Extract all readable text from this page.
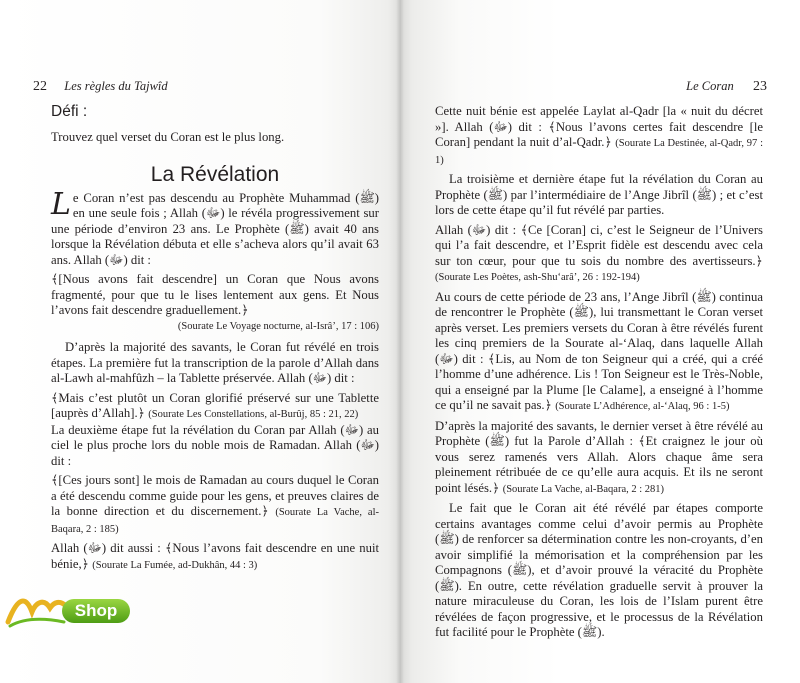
22 Les règles du Tajwîd
Défi :
Trouvez quel verset du Coran est le plus long.
La Révélation

Le Coran n’est pas descendu au Prophète Muhammad (ﷺ) en une seule fois ; Allah (ﷻ) le révéla progressivement sur une période d’environ 23 ans. Le Prophète (ﷺ) avait 40 ans lorsque la Révélation débuta et elle s’acheva alors qu’il avait 63 ans. Allah (ﷻ) dit :

﴾[Nous avons fait descendre] un Coran que Nous avons fragmenté, pour que tu le lises lentement aux gens. Et Nous l’avons fait descendre graduellement.﴿

(Sourate Le Voyage nocturne, al-Isrâ’, 17 : 106)

D’après la majorité des savants, le Coran fut révélé en trois étapes. La première fut la transcription de la parole d’Allah dans al-Lawh al-mahfûzh – la Tablette préservée. Allah (ﷻ) dit :

﴾Mais c’est plutôt un Coran glorifié préservé sur une Tablette [auprès d’Allah].﴿ (Sourate Les Constellations, al-Burûj, 85 : 21, 22)

La deuxième étape fut la révélation du Coran par Allah (ﷻ) au ciel le plus proche lors du noble mois de Ramadan. Allah (ﷻ) dit :

﴾[Ces jours sont] le mois de Ramadan au cours duquel le Coran a été descendu comme guide pour les gens, et preuves claires de la bonne direction et du discernement.﴿ (Sourate La Vache, al-Baqara, 2 : 185)

Allah (ﷻ) dit aussi : ﴾Nous l’avons fait descendre en une nuit bénie,﴿ (Sourate La Fumée, ad-Dukhân, 44 : 3)

Shop
Le Coran 23

Cette nuit bénie est appelée Laylat al-Qadr [la « nuit du décret »]. Allah (ﷻ) dit : ﴾Nous l’avons certes fait descendre [le Coran] pendant la nuit d’al-Qadr.﴿ (Sourate La Destinée, al-Qadr, 97 : 1)

La troisième et dernière étape fut la révélation du Coran au Prophète (ﷺ) par l’intermédiaire de l’Ange Jibrîl (ﷺ) ; et c’est lors de cette étape qu’il fut révélé par parties.

Allah (ﷻ) dit : ﴾Ce [Coran] ci, c’est le Seigneur de l’Univers qui l’a fait descendre, et l’Esprit fidèle est descendu avec cela sur ton cœur, pour que tu sois du nombre des avertisseurs.﴿ (Sourate Les Poètes, ash-Shu‘arâ’, 26 : 192-194)

Au cours de cette période de 23 ans, l’Ange Jibrîl (ﷺ) continua de rencontrer le Prophète (ﷺ), lui transmettant le Coran verset après verset. Les premiers versets du Coran à être révélés furent les cinq premiers de la Sourate al-‘Alaq, dans laquelle Allah (ﷻ) dit : ﴾Lis, au Nom de ton Seigneur qui a créé, qui a créé l’homme d’une adhérence. Lis ! Ton Seigneur est le Très-Noble, qui a enseigné par la Plume [le Calame], a enseigné à l’homme ce qu’il ne savait pas.﴿ (Sourate L’Adhérence, al-‘Alaq, 96 : 1-5)

D’après la majorité des savants, le dernier verset à être révélé au Prophète (ﷺ) fut la Parole d’Allah : ﴾Et craignez le jour où vous serez ramenés vers Allah. Alors chaque âme sera pleinement rétribuée de ce qu’elle aura acquis. Et ils ne seront point lésés.﴿ (Sourate La Vache, al-Baqara, 2 : 281)

Le fait que le Coran ait été révélé par étapes comporte certains avantages comme celui d’avoir permis au Prophète (ﷺ) de renforcer sa détermination contre les non-croyants, d’en avoir simplifié la mémorisation et la compréhension par les Compagnons (ﷺ), et d’avoir prouvé la véracité du Prophète (ﷺ). En outre, cette révélation graduelle servit à prouver la nature miraculeuse du Coran, les lois de l’Islam purent être révélées de façon progressive, et le processus de la Révélation fut facilité pour le Prophète (ﷺ).
